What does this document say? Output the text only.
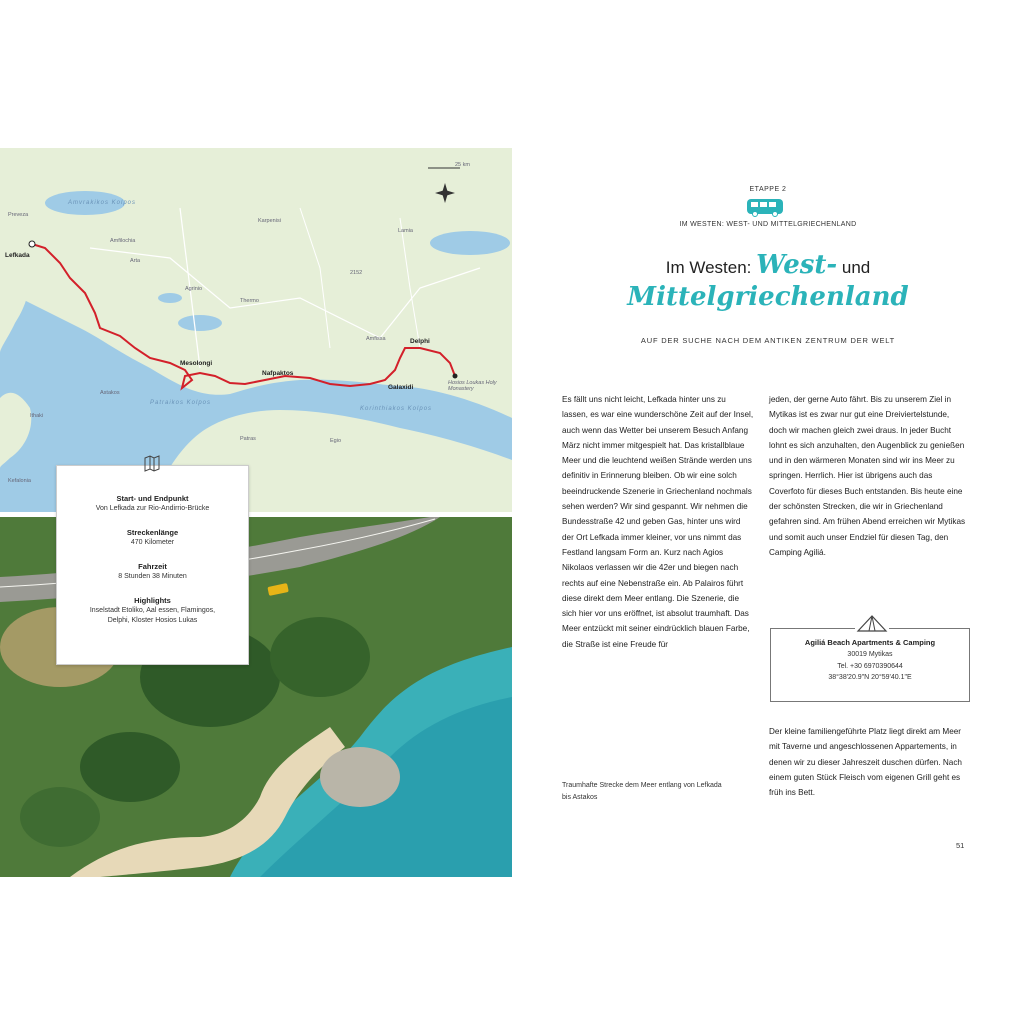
Preveza
Lefkada
Amvrakikos Kolpos
Amfilochia
Karpenisi
Agrinio
Thermo
Lamia
Amfissa
2152
25 km
Mesolongi
Nafpaktos
Delphi
Galaxidi
Hosios Loukas Holy Monastery
Patraikos Kolpos
Korinthiakos Kolpos
Patras	Egio
Astakos
Ithaki
Kefalonia
Arta
Start- und Endpunkt
Von Lefkada zur Rio-Andirrio-Brücke
Streckenlänge
470 Kilometer
Fahrzeit
8 Stunden 38 Minuten
Highlights
Inselstadt Etoliko, Aal essen, Flamingos,
Delphi, Kloster Hosios Lukas
ETAPPE 2
IM WESTEN: WEST- UND MITTELGRIECHENLAND
Im Westen: West- und
Mittelgriechenland
AUF DER SUCHE NACH DEM ANTIKEN ZENTRUM DER WELT
Es fällt uns nicht leicht, Lefkada hinter uns zu lassen, es war eine wunderschöne Zeit auf der Insel, auch wenn das Wetter bei unserem Besuch Anfang März nicht immer mitgespielt hat. Das kristallblaue Meer und die leuchtend weißen Strände werden uns definitiv in Erinnerung bleiben. Ob wir eine solch beeindruckende Szenerie in Griechenland nochmals sehen werden? Wir sind gespannt. Wir nehmen die Bundesstraße 42 und geben Gas, hinter uns wird der Ort Lefkada immer kleiner, vor uns nimmt das Festland langsam Form an. Kurz nach Agios Nikolaos verlassen wir die 42er und biegen nach rechts auf eine Nebenstraße ein. Ab Palairos führt diese direkt dem Meer entlang. Die Szenerie, die sich hier vor uns eröffnet, ist absolut traumhaft. Das Meer entzückt mit seiner eindrücklich blauen Farbe, die Straße ist eine Freude für
jeden, der gerne Auto fährt. Bis zu unserem Ziel in Mytikas ist es zwar nur gut eine Dreiviertelstunde, doch wir machen gleich zwei draus. In jeder Bucht lohnt es sich anzuhalten, den Augenblick zu genießen und in den wärmeren Monaten sind wir ins Meer zu springen. Herrlich. Hier ist übrigens auch das Coverfoto für dieses Buch entstanden. Bis heute eine der schönsten Strecken, die wir in Griechenland gefahren sind. Am frühen Abend erreichen wir Mytikas und somit auch unser Endziel für diesen Tag, den Camping Agiliá.
Agiliá Beach Apartments & Camping
30019 Mytikas
Tel. +30 6970390644
38°38'20.9"N 20°59'40.1"E
Der kleine familiengeführte Platz liegt direkt am Meer mit Taverne und angeschlossenen Appartements, in denen wir zu dieser Jahreszeit duschen dürfen. Nach einem guten Stück Fleisch vom eigenen Grill geht es früh ins Bett.
Traumhafte Strecke dem Meer entlang von Lefkada bis Astakos
51
